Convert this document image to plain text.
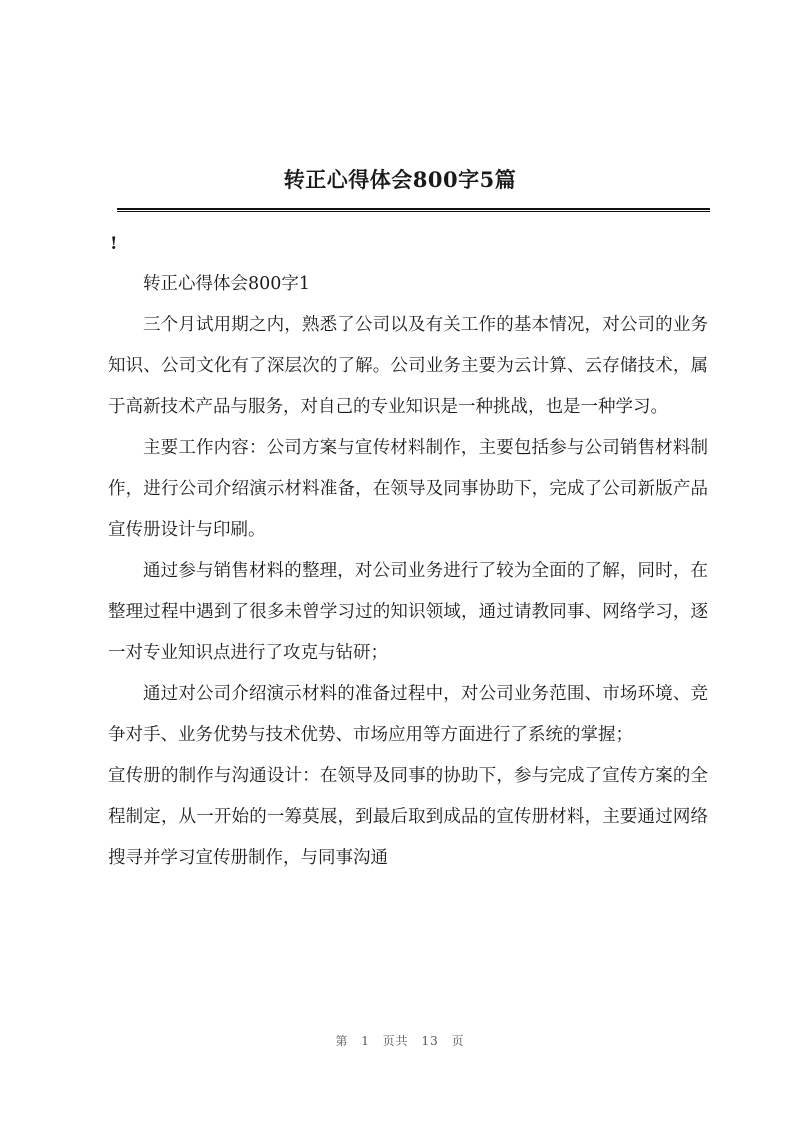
转正心得体会800字5篇
!

转正心得体会800字1

三个月试用期之内，熟悉了公司以及有关工作的基本情况，对公司的业务知识、公司文化有了深层次的了解。公司业务主要为云计算、云存储技术，属于高新技术产品与服务，对自己的专业知识是一种挑战，也是一种学习。

主要工作内容：公司方案与宣传材料制作，主要包括参与公司销售材料制作，进行公司介绍演示材料准备，在领导及同事协助下，完成了公司新版产品宣传册设计与印刷。

通过参与销售材料的整理，对公司业务进行了较为全面的了解，同时，在整理过程中遇到了很多未曾学习过的知识领域，通过请教同事、网络学习，逐一对专业知识点进行了攻克与钻研；

通过对公司介绍演示材料的准备过程中，对公司业务范围、市场环境、竞争对手、业务优势与技术优势、市场应用等方面进行了系统的掌握；

宣传册的制作与沟通设计：在领导及同事的协助下，参与完成了宣传方案的全程制定，从一开始的一筹莫展，到最后取到成品的宣传册材料，主要通过网络搜寻并学习宣传册制作，与同事沟通

第 1 页共 13 页
